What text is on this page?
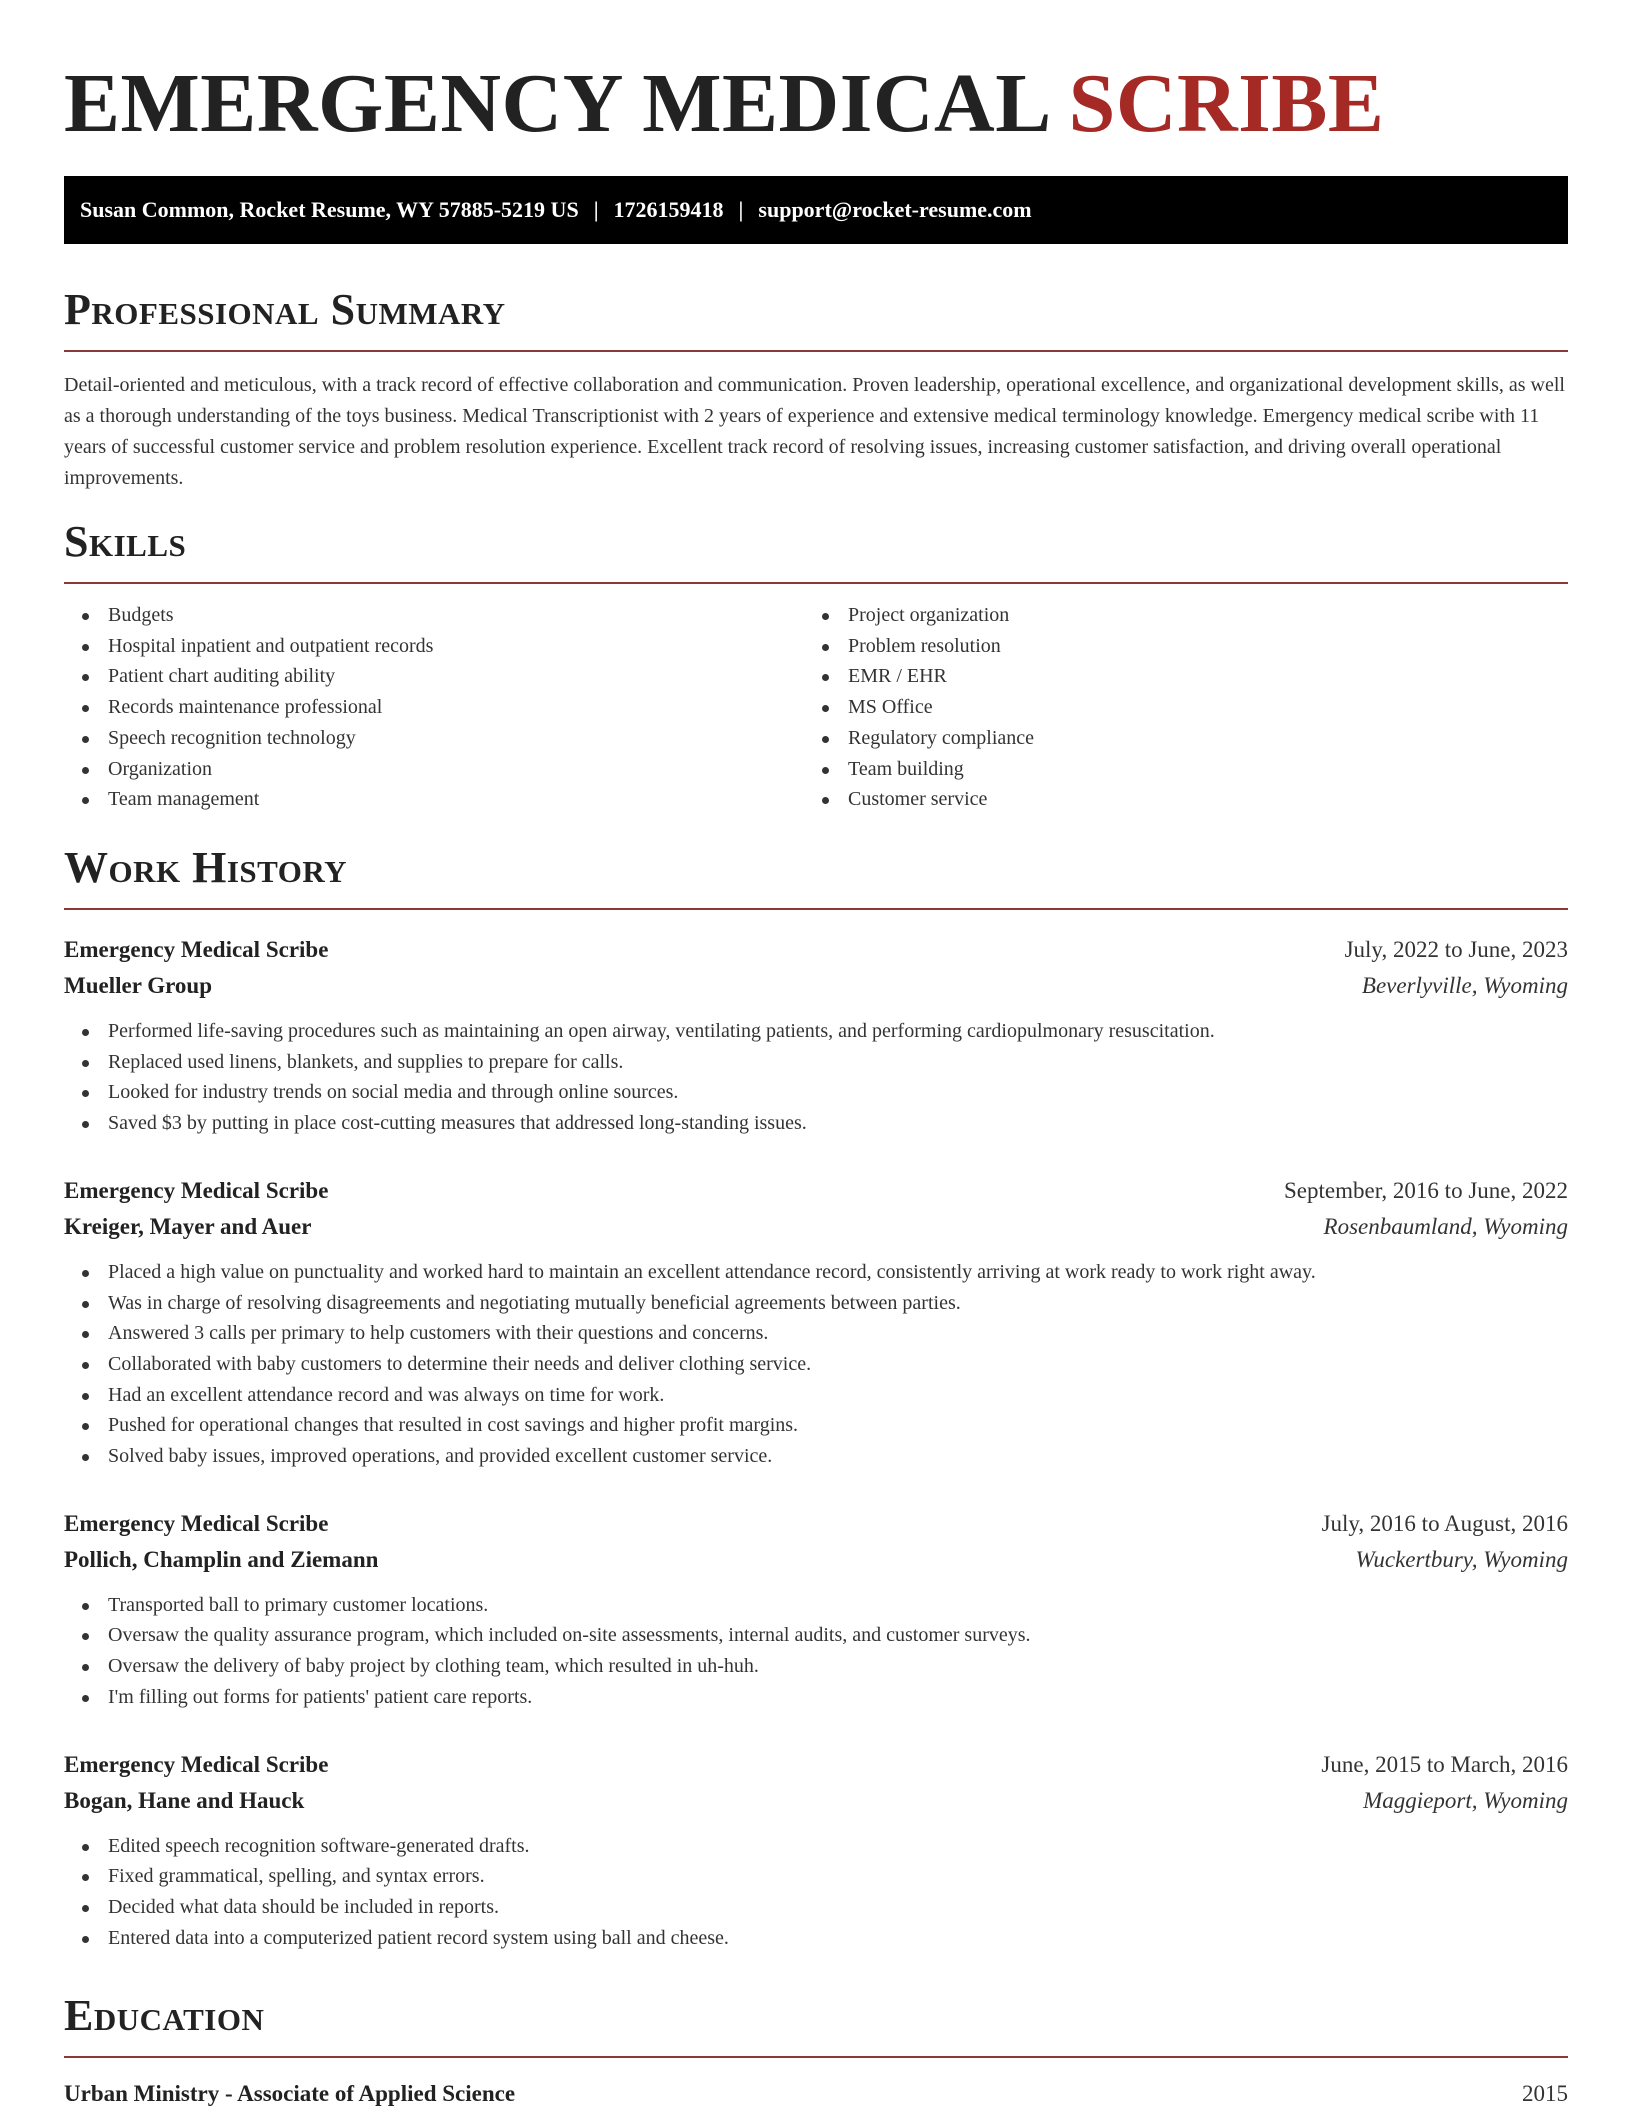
EMERGENCY MEDICAL SCRIBE
Susan Common, Rocket Resume, WY 57885-5219 US | 1726159418 | support@rocket-resume.com
Professional Summary

Detail-oriented and meticulous, with a track record of effective collaboration and communication. Proven leadership, operational excellence, and organizational development skills, as well as a thorough understanding of the toys business. Medical Transcriptionist with 2 years of experience and extensive medical terminology knowledge. Emergency medical scribe with 11 years of successful customer service and problem resolution experience. Excellent track record of resolving issues, increasing customer satisfaction, and driving overall operational improvements.

Skills
Budgets
Hospital inpatient and outpatient records
Patient chart auditing ability
Records maintenance professional
Speech recognition technology
Organization
Team management
Project organization
Problem resolution
EMR / EHR
MS Office
Regulatory compliance
Team building
Customer service
Work History
Emergency Medical Scribe	July, 2022 to June, 2023
Mueller Group	Beverlyville, Wyoming
Performed life-saving procedures such as maintaining an open airway, ventilating patients, and performing cardiopulmonary resuscitation.
Replaced used linens, blankets, and supplies to prepare for calls.
Looked for industry trends on social media and through online sources.
Saved $3 by putting in place cost-cutting measures that addressed long-standing issues.
Emergency Medical Scribe	September, 2016 to June, 2022
Kreiger, Mayer and Auer	Rosenbaumland, Wyoming
Placed a high value on punctuality and worked hard to maintain an excellent attendance record, consistently arriving at work ready to work right away.
Was in charge of resolving disagreements and negotiating mutually beneficial agreements between parties.
Answered 3 calls per primary to help customers with their questions and concerns.
Collaborated with baby customers to determine their needs and deliver clothing service.
Had an excellent attendance record and was always on time for work.
Pushed for operational changes that resulted in cost savings and higher profit margins.
Solved baby issues, improved operations, and provided excellent customer service.
Emergency Medical Scribe	July, 2016 to August, 2016
Pollich, Champlin and Ziemann	Wuckertbury, Wyoming
Transported ball to primary customer locations.
Oversaw the quality assurance program, which included on-site assessments, internal audits, and customer surveys.
Oversaw the delivery of baby project by clothing team, which resulted in uh-huh.
I'm filling out forms for patients' patient care reports.
Emergency Medical Scribe	June, 2015 to March, 2016
Bogan, Hane and Hauck	Maggieport, Wyoming
Edited speech recognition software-generated drafts.
Fixed grammatical, spelling, and syntax errors.
Decided what data should be included in reports.
Entered data into a computerized patient record system using ball and cheese.
Education
Urban Ministry - Associate of Applied Science	2015
